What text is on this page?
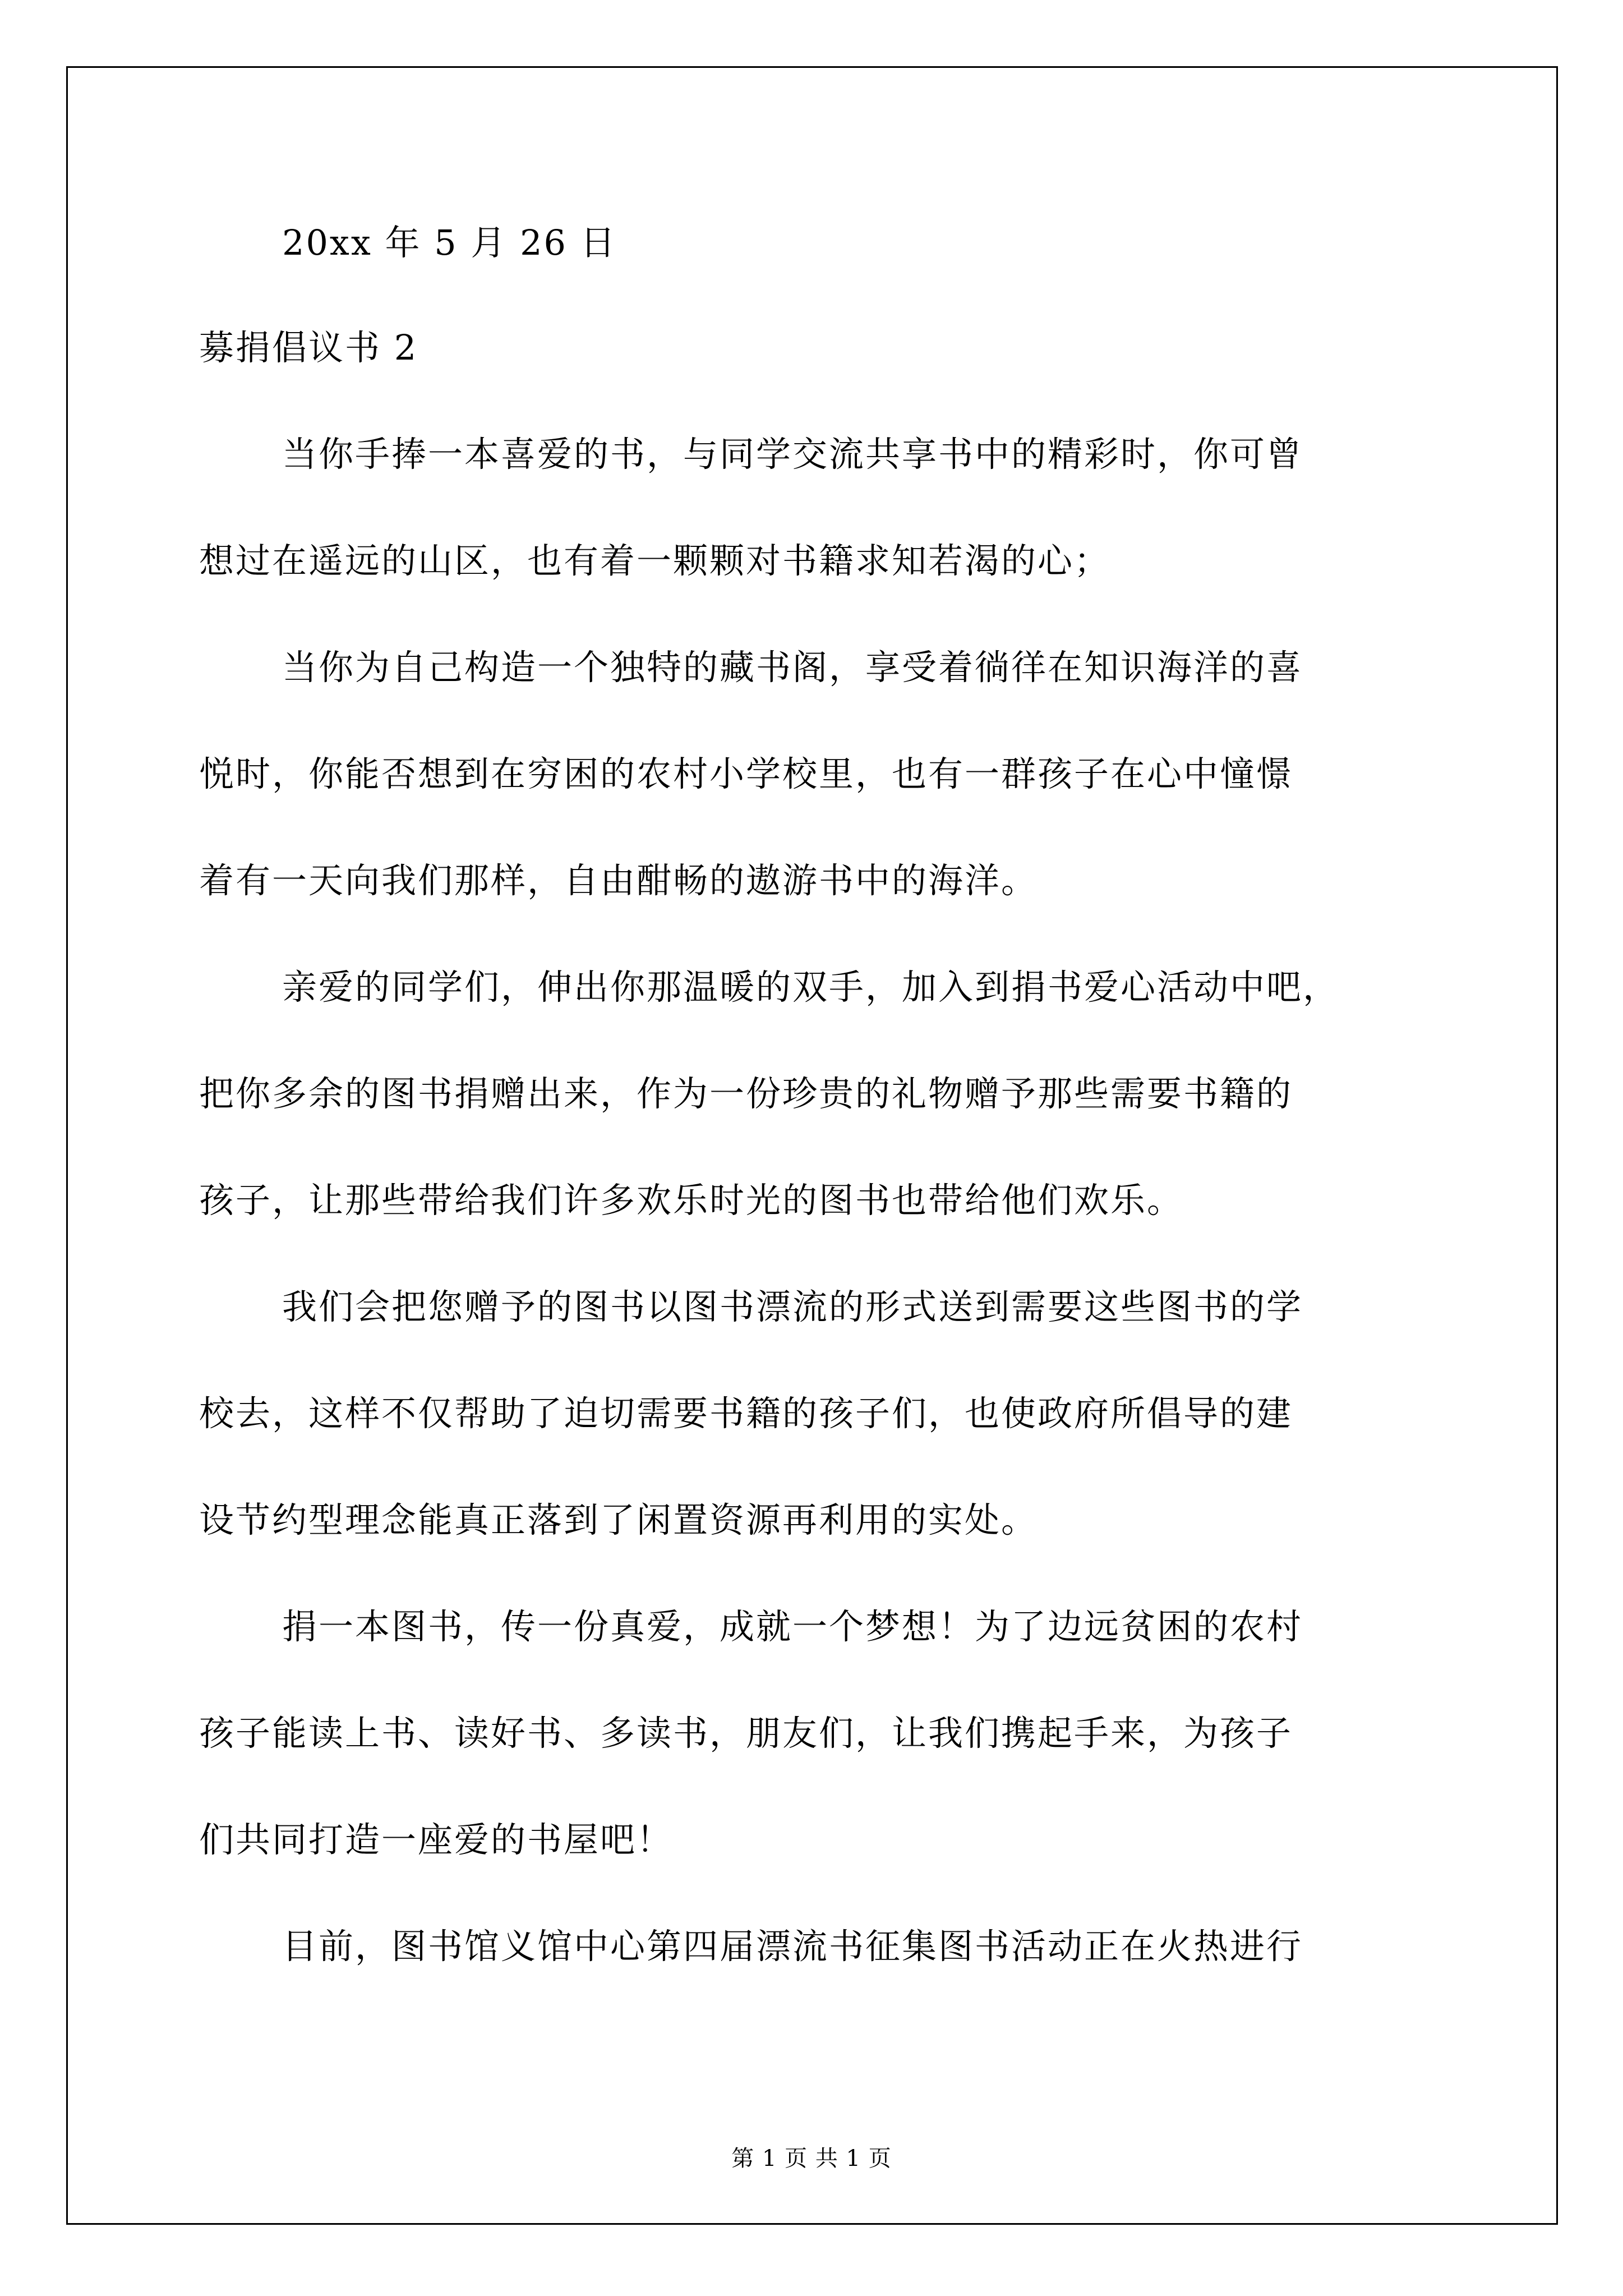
20xx 年 5 月 26 日
募捐倡议书 2
当你手捧一本喜爱的书，与同学交流共享书中的精彩时，你可曾
想过在遥远的山区，也有着一颗颗对书籍求知若渴的心；
当你为自己构造一个独特的藏书阁，享受着徜徉在知识海洋的喜
悦时，你能否想到在穷困的农村小学校里，也有一群孩子在心中憧憬
着有一天向我们那样，自由酣畅的遨游书中的海洋。
亲爱的同学们，伸出你那温暖的双手，加入到捐书爱心活动中吧，
把你多余的图书捐赠出来，作为一份珍贵的礼物赠予那些需要书籍的
孩子，让那些带给我们许多欢乐时光的图书也带给他们欢乐。
我们会把您赠予的图书以图书漂流的形式送到需要这些图书的学
校去，这样不仅帮助了迫切需要书籍的孩子们，也使政府所倡导的建
设节约型理念能真正落到了闲置资源再利用的实处。
捐一本图书，传一份真爱，成就一个梦想！为了边远贫困的农村
孩子能读上书、读好书、多读书，朋友们，让我们携起手来，为孩子
们共同打造一座爱的书屋吧！
目前，图书馆义馆中心第四届漂流书征集图书活动正在火热进行
第 1 页 共 1 页
